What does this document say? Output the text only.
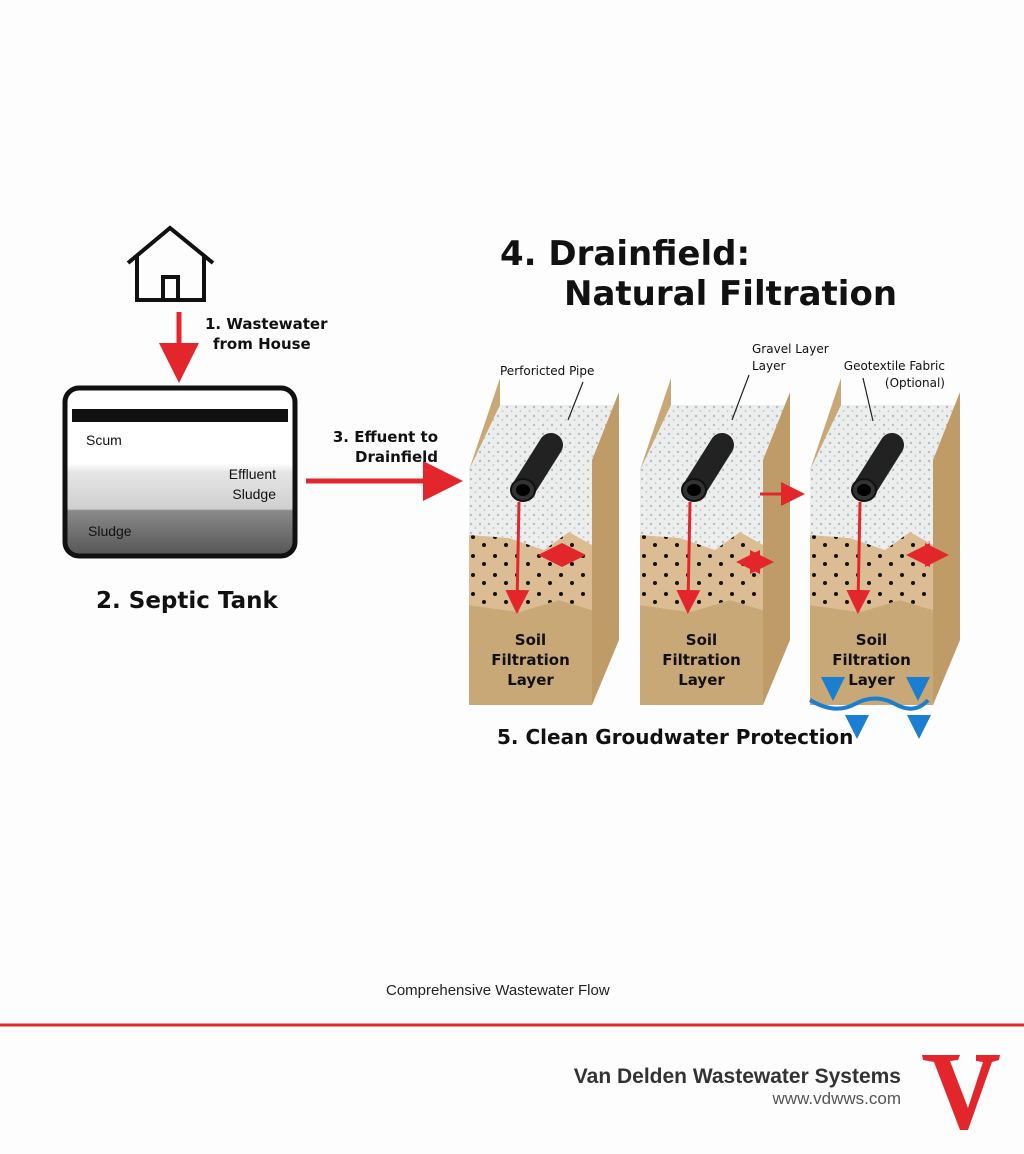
1. Wastewater
from House
Scum
Effluent
Sludge
Sludge
2. Septic Tank
3. Effuent to
Drainfield
4. Drainfield:
Natural Filtration
Perforicted Pipe
Gravel Layer
Layer	Geotextile Fabric
(Optional)
Soil
Filtration
Layer
Soil
Filtration
Layer
Soil
Filtration
Layer
5. Clean Groudwater Protection
Comprehensive Wastewater Flow
Van Delden Wastewater Systems
www.vdwws.com
